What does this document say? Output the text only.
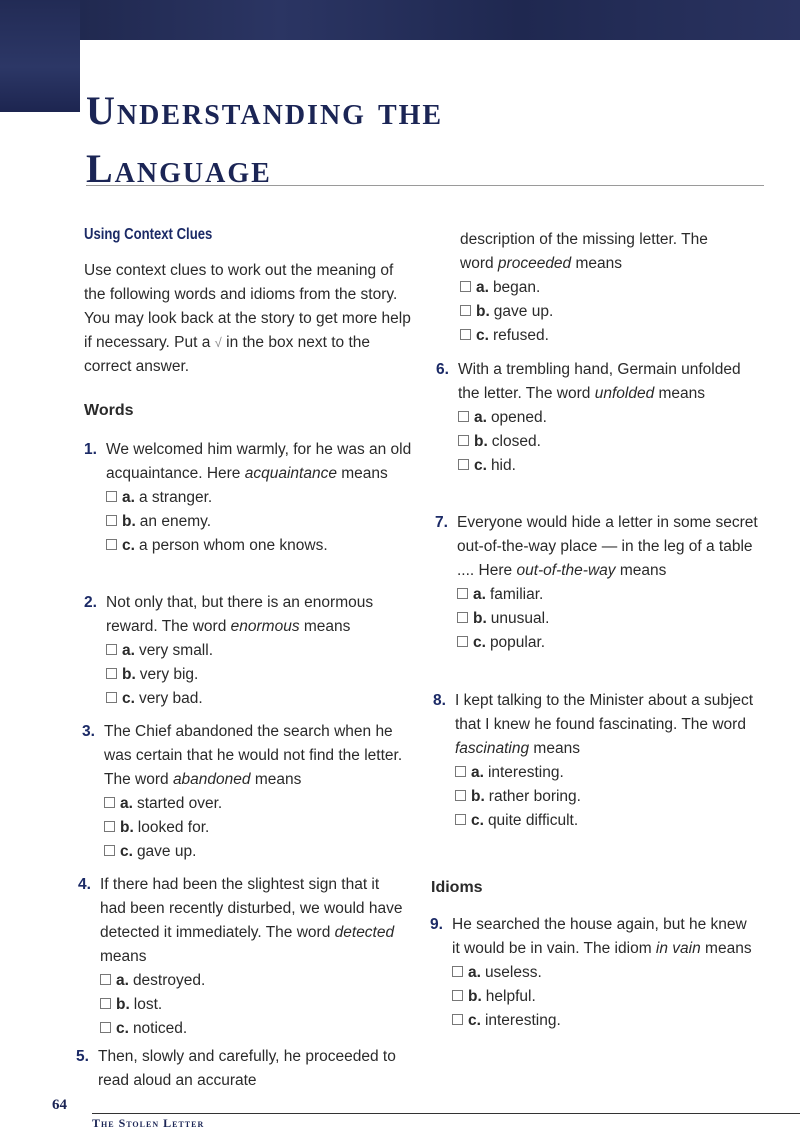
Understanding the
Language
Using Context Clues

Use context clues to work out the meaning of the following words and idioms from the story. You may look back at the story to get more help if necessary. Put a √ in the box next to the correct answer.

Words
1. We welcomed him warmly, for he was an old acquaintance. Here acquaintance means
a. a stranger.
b. an enemy.
c. a person whom one knows.
2. Not only that, but there is an enormous reward. The word enormous means
a. very small.
b. very big.
c. very bad.
3. The Chief abandoned the search when he was certain that he would not find the letter. The word abandoned means
a. started over.
b. looked for.
c. gave up.
4. If there had been the slightest sign that it had been recently disturbed, we would have detected it immediately. The word detected means
a. destroyed.
b. lost.
c. noticed.
5. Then, slowly and carefully, he proceeded to read aloud an accurate
description of the missing letter. The
word proceeded means
a. began.
b. gave up.
c. refused.
6. With a trembling hand, Germain unfolded the letter. The word unfolded means
a. opened.
b. closed.
c. hid.
7. Everyone would hide a letter in some secret out-of-the-way place — in the leg of a table .... Here out-of-the-way means
a. familiar.
b. unusual.
c. popular.
8. I kept talking to the Minister about a subject that I knew he found fascinating. The word fascinating means
a. interesting.
b. rather boring.
c. quite difficult.
Idioms
9. He searched the house again, but he knew it would be in vain. The idiom in vain means
a. useless.
b. helpful.
c. interesting.
64
The Stolen Letter
